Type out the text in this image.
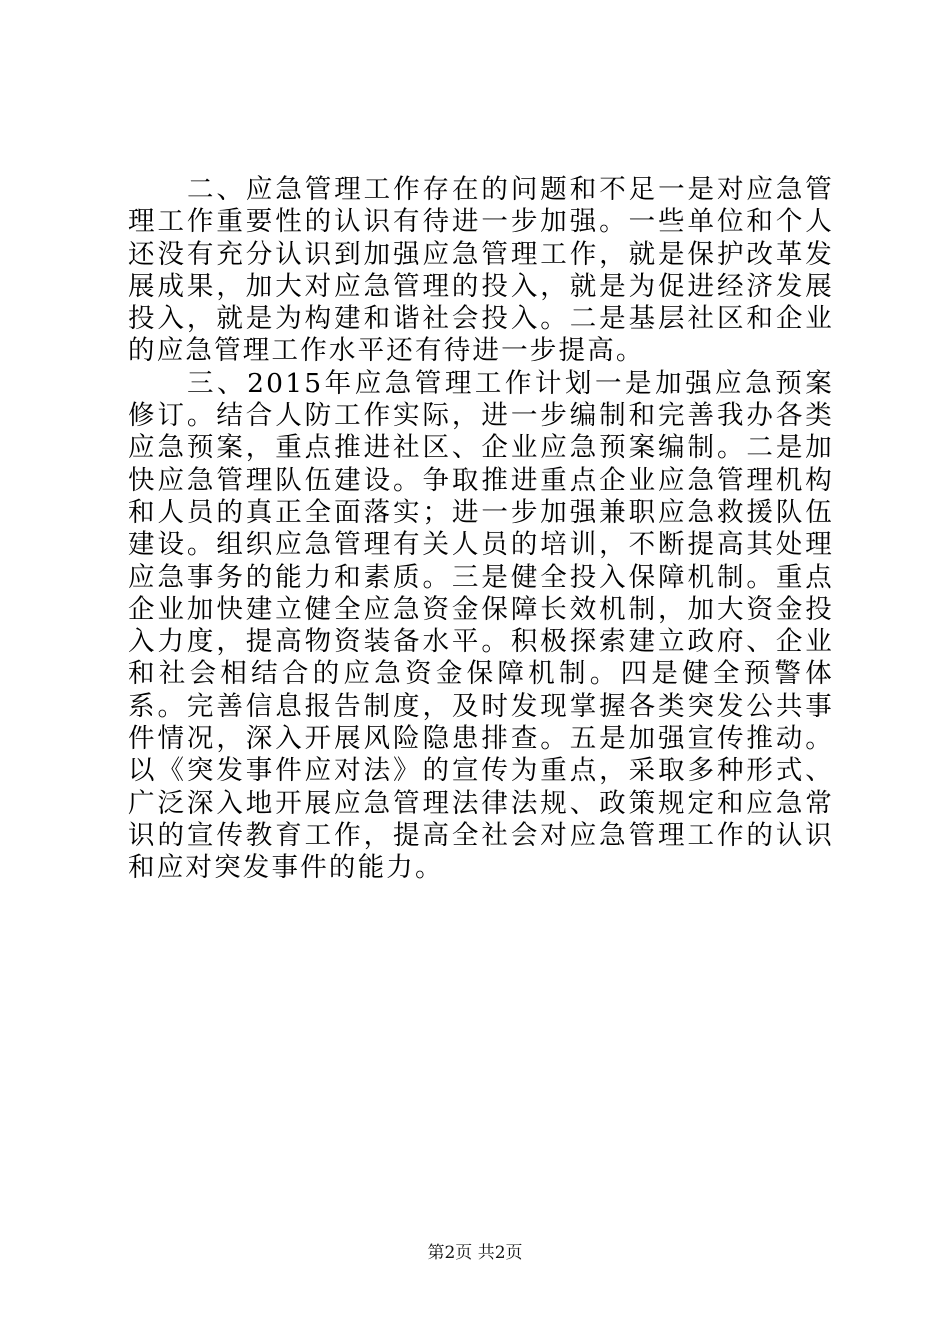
二、应急管理工作存在的问题和不足一是对应急管理工作重要性的认识有待进一步加强。一些单位和个人还没有充分认识到加强应急管理工作，就是保护改革发展成果，加大对应急管理的投入，就是为促进经济发展投入，就是为构建和谐社会投入。二是基层社区和企业的应急管理工作水平还有待进一步提高。

三、2015年应急管理工作计划一是加强应急预案修订。结合人防工作实际，进一步编制和完善我办各类应急预案，重点推进社区、企业应急预案编制。二是加快应急管理队伍建设。争取推进重点企业应急管理机构和人员的真正全面落实；进一步加强兼职应急救援队伍建设。组织应急管理有关人员的培训，不断提高其处理应急事务的能力和素质。三是健全投入保障机制。重点企业加快建立健全应急资金保障长效机制，加大资金投入力度，提高物资装备水平。积极探索建立政府、企业和社会相结合的应急资金保障机制。四是健全预警体系。完善信息报告制度，及时发现掌握各类突发公共事件情况，深入开展风险隐患排查。五是加强宣传推动。以《突发事件应对法》的宣传为重点，采取多种形式、广泛深入地开展应急管理法律法规、政策规定和应急常识的宣传教育工作，提高全社会对应急管理工作的认识和应对突发事件的能力。

第2页 共2页
